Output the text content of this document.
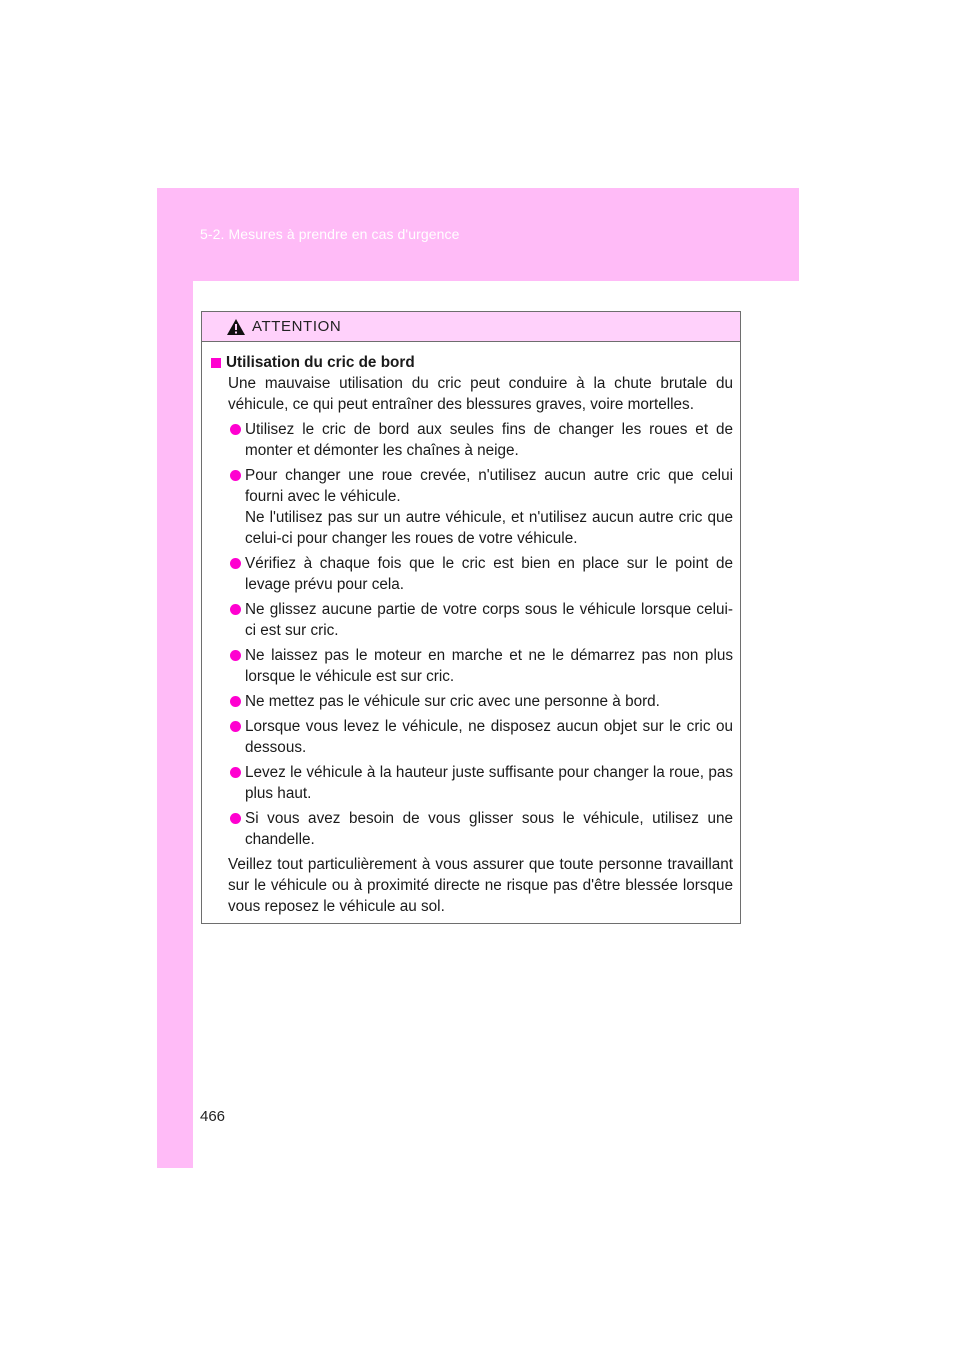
5-2. Mesures à prendre en cas d'urgence
ATTENTION
Utilisation du cric de bord

Une mauvaise utilisation du cric peut conduire à la chute brutale du véhicule, ce qui peut entraîner des blessures graves, voire mortelles.

Utilisez le cric de bord aux seules fins de changer les roues et de monter et démonter les chaînes à neige.

Pour changer une roue crevée, n'utilisez aucun autre cric que celui fourni avec le véhicule.

Ne l'utilisez pas sur un autre véhicule, et n'utilisez aucun autre cric que celui-ci pour changer les roues de votre véhicule.

Vérifiez à chaque fois que le cric est bien en place sur le point de levage prévu pour cela.

Ne glissez aucune partie de votre corps sous le véhicule lorsque celui-ci est sur cric.

Ne laissez pas le moteur en marche et ne le démarrez pas non plus lorsque le véhicule est sur cric.

Ne mettez pas le véhicule sur cric avec une personne à bord.

Lorsque vous levez le véhicule, ne disposez aucun objet sur le cric ou dessous.

Levez le véhicule à la hauteur juste suffisante pour changer la roue, pas plus haut.

Si vous avez besoin de vous glisser sous le véhicule, utilisez une chandelle.

Veillez tout particulièrement à vous assurer que toute personne travaillant sur le véhicule ou à proximité directe ne risque pas d'être blessée lorsque vous reposez le véhicule au sol.

466
